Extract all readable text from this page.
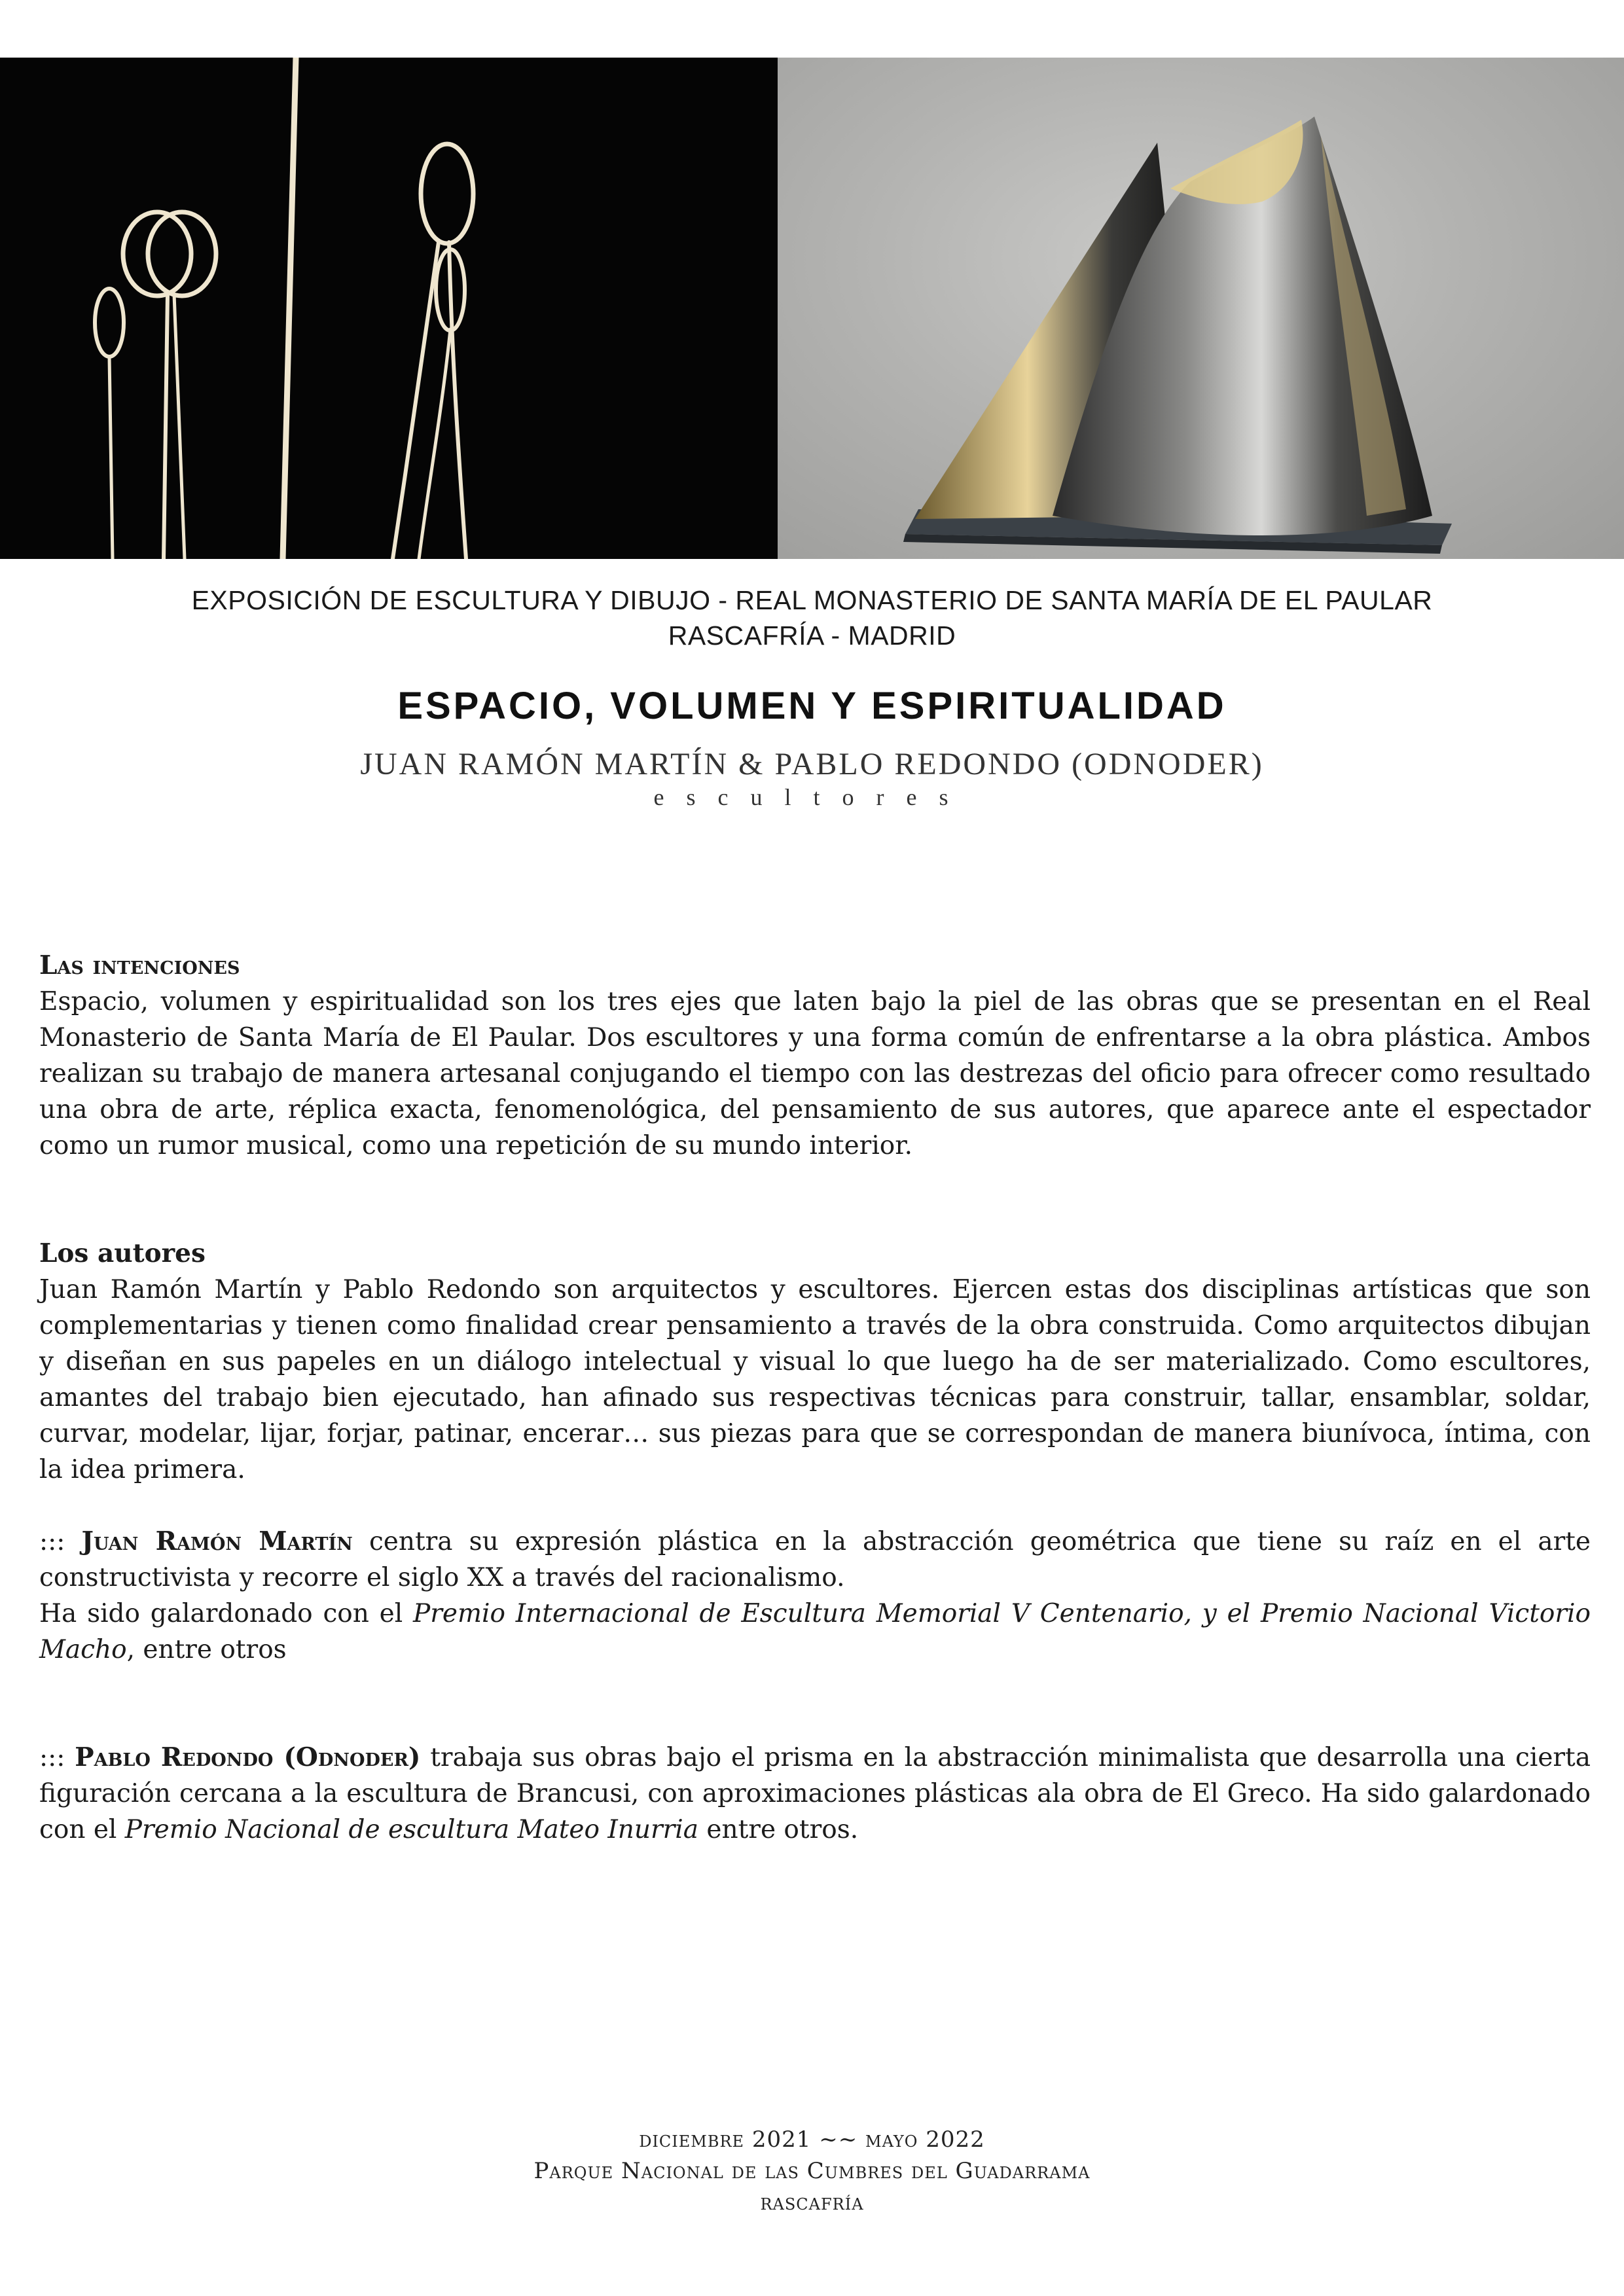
EXPOSICIÓN DE ESCULTURA Y DIBUJO - REAL MONASTERIO DE SANTA MARÍA DE EL PAULAR
RASCAFRÍA - MADRID
ESPACIO, VOLUMEN Y ESPIRITUALIDAD
JUAN RAMÓN MARTÍN & PABLO REDONDO (ODNODER)
escultores
Las intenciones

Espacio, volumen y espiritualidad son los tres ejes que laten bajo la piel de las obras que se presentan en el Real Monasterio de Santa María de El Paular. Dos escultores y una forma común de enfrentarse a la obra plástica. Ambos realizan su trabajo de manera artesanal conjugando el tiempo con las destrezas del oficio para ofrecer como resultado una obra de arte, réplica exacta, fenomenológica, del pensamiento de sus autores, que aparece ante el espectador como un rumor musical, como una repetición de su mundo interior.

Los autores

Juan Ramón Martín y Pablo Redondo son arquitectos y escultores. Ejercen estas dos disciplinas artísticas que son complementarias y tienen como finalidad crear pensamiento a través de la obra construida. Como arquitectos dibujan y diseñan en sus papeles en un diálogo intelectual y visual lo que luego ha de ser materializado. Como escultores, amantes del trabajo bien ejecutado, han afinado sus respectivas técnicas para construir, tallar, ensamblar, soldar, curvar, modelar, lijar, forjar, patinar, encerar… sus piezas para que se correspondan de manera biunívoca, íntima, con la idea primera.

::: Juan Ramón Martín centra su expresión plástica en la abstracción geométrica que tiene su raíz en el arte constructivista y recorre el siglo XX a través del racionalismo.

Ha sido galardonado con el Premio Internacional de Escultura Memorial V Centenario, y el Premio Nacional Victorio Macho, entre otros

::: Pablo Redondo (Odnoder) trabaja sus obras bajo el prisma en la abstracción minimalista que desarrolla una cierta figuración cercana a la escultura de Brancusi, con aproximaciones plásticas ala obra de El Greco. Ha sido galardonado con el Premio Nacional de escultura Mateo Inurria entre otros.

diciembre 2021 ~~ mayo 2022
Parque Nacional de las Cumbres del Guadarrama
rascafría
